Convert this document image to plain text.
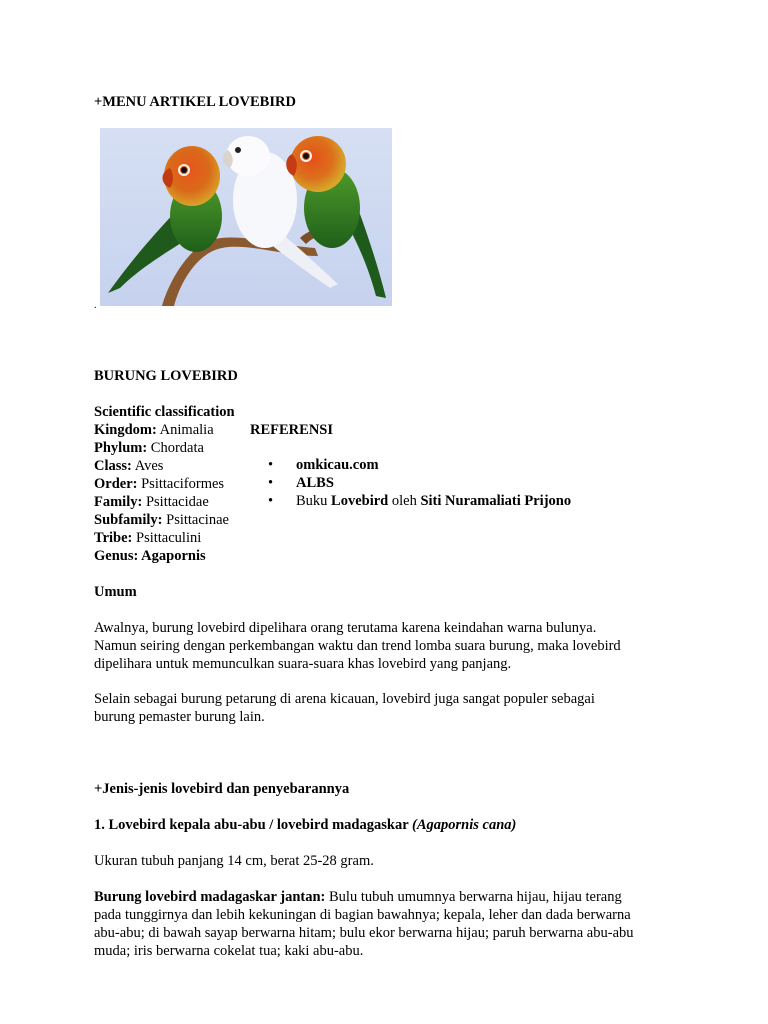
+MENU ARTIKEL LOVEBIRD
.
BURUNG LOVEBIRD
Scientific classification
Kingdom: Animalia
Phylum: Chordata
Class: Aves
Order: Psittaciformes
Family: Psittacidae
Subfamily: Psittacinae
Tribe: Psittaculini
Genus: Agapornis
REFERENSI
• omkicau.com
• ALBS
• Buku Lovebird oleh Siti Nuramaliati Prijono
Umum
Awalnya, burung lovebird dipelihara orang terutama karena keindahan warna bulunya.
Namun seiring dengan perkembangan waktu dan trend lomba suara burung, maka lovebird
dipelihara untuk memunculkan suara-suara khas lovebird yang panjang.
Selain sebagai burung petarung di arena kicauan, lovebird juga sangat populer sebagai
burung pemaster burung lain.
+Jenis-jenis lovebird dan penyebarannya
1. Lovebird kepala abu-abu / lovebird madagaskar (Agapornis cana)
Ukuran tubuh panjang 14 cm, berat 25-28 gram.
Burung lovebird madagaskar jantan: Bulu tubuh umumnya berwarna hijau, hijau terang
pada tunggirnya dan lebih kekuningan di bagian bawahnya; kepala, leher dan dada berwarna
abu-abu; di bawah sayap berwarna hitam; bulu ekor berwarna hijau; paruh berwarna abu-abu
muda; iris berwarna cokelat tua; kaki abu-abu.
